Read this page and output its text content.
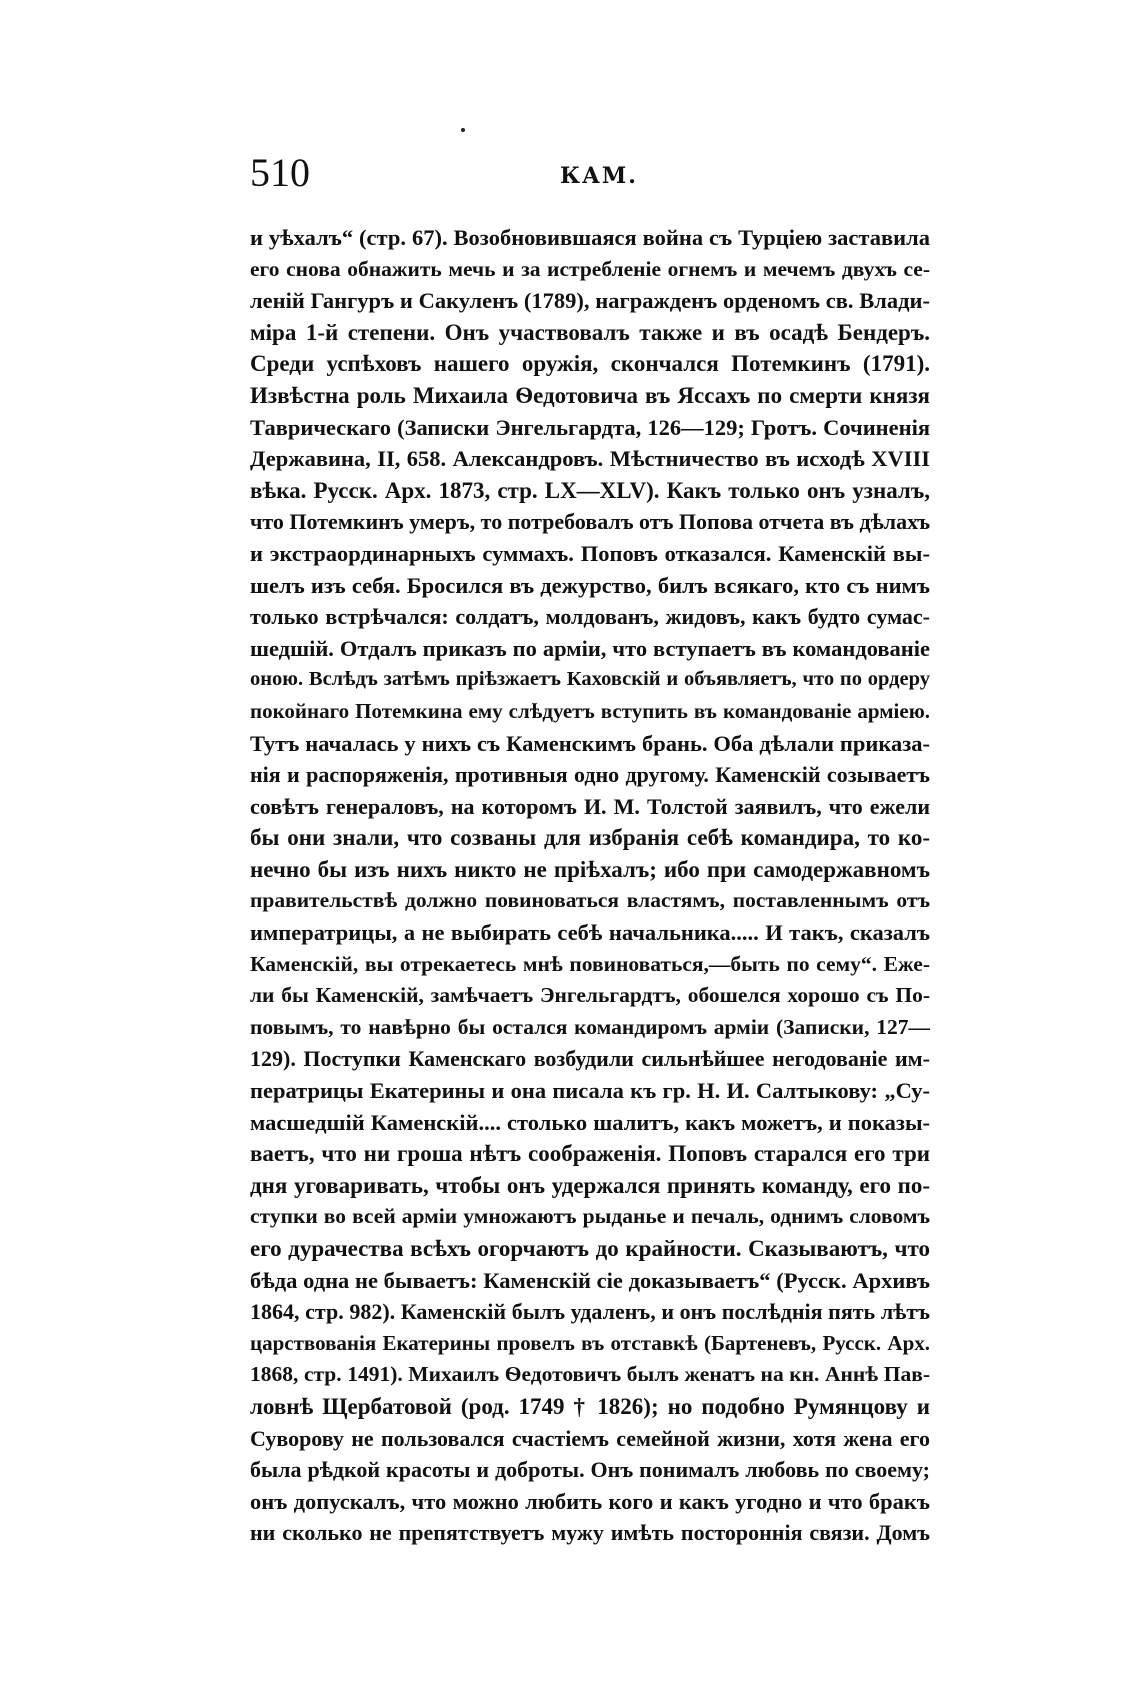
510	КАМ.
и уѣхалъ“ (стр. 67). Возобновившаяся война съ Турціею заставила
его снова обнажить мечь и за истребленіе огнемъ и мечемъ двухъ се-
леній Гангуръ и Сакуленъ (1789), награжденъ орденомъ св. Влади-
міра 1-й степени. Онъ участвовалъ также и въ осадѣ Бендеръ.
Среди успѣховъ нашего оружія, скончался Потемкинъ (1791).
Извѣстна роль Михаила Ѳедотовича въ Яссахъ по смерти князя
Таврическаго (Записки Энгельгардта, 126—129; Гротъ. Сочиненія
Державина, II, 658. Александровъ. Мѣстничество въ исходѣ XVIII
вѣка. Русск. Арх. 1873, стр. LX—XLV). Какъ только онъ узналъ,
что Потемкинъ умеръ, то потребовалъ отъ Попова отчета въ дѣлахъ
и экстраординарныхъ суммахъ. Поповъ отказался. Каменскій вы-
шелъ изъ себя. Бросился въ дежурство, билъ всякаго, кто съ нимъ
только встрѣчался: солдатъ, молдованъ, жидовъ, какъ будто сумас-
шедшій. Отдалъ приказъ по арміи, что вступаетъ въ командованіе
оною. Вслѣдъ затѣмъ пріѣзжаетъ Каховскій и объявляетъ, что по ордеру
покойнаго Потемкина ему слѣдуетъ вступить въ командованіе арміею.
Тутъ началась у нихъ съ Каменскимъ брань. Оба дѣлали приказа-
нія и распоряженія, противныя одно другому. Каменскій созываетъ
совѣтъ генераловъ, на которомъ И. М. Толстой заявилъ, что ежели
бы они знали, что созваны для избранія себѣ командира, то ко-
нечно бы изъ нихъ никто не пріѣхалъ; ибо при самодержавномъ
правительствѣ должно повиноваться властямъ, поставленнымъ отъ
императрицы, а не выбирать себѣ начальника..... И такъ, сказалъ
Каменскій, вы отрекаетесь мнѣ повиноваться,—быть по сему“. Еже-
ли бы Каменскій, замѣчаетъ Энгельгардтъ, обошелся хорошо съ По-
повымъ, то навѣрно бы остался командиромъ арміи (Записки, 127—
129). Поступки Каменскаго возбудили сильнѣйшее негодованіе им-
ператрицы Екатерины и она писала къ гр. Н. И. Салтыкову: „Су-
масшедшій Каменскій.... столько шалитъ, какъ можетъ, и показы-
ваетъ, что ни гроша нѣтъ соображенія. Поповъ старался его три
дня уговаривать, чтобы онъ удержался принять команду, его по-
ступки во всей арміи умножаютъ рыданье и печаль, однимъ словомъ
его дурачества всѣхъ огорчаютъ до крайности. Сказываютъ, что
бѣда одна не бываетъ: Каменскій сіе доказываетъ“ (Русск. Архивъ
1864, стр. 982). Каменскій былъ удаленъ, и онъ послѣднія пять лѣтъ
царствованія Екатерины провелъ въ отставкѣ (Бартеневъ, Русск. Арх.
1868, стр. 1491). Михаилъ Ѳедотовичъ былъ женатъ на кн. Аннѣ Пав-
ловнѣ Щербатовой (род. 1749 † 1826); но подобно Румянцову и
Суворову не пользовался счастіемъ семейной жизни, хотя жена его
была рѣдкой красоты и доброты. Онъ понималъ любовь по своему;
онъ допускалъ, что можно любить кого и какъ угодно и что бракъ
ни сколько не препятствуетъ мужу имѣть постороннія связи. Домъ
